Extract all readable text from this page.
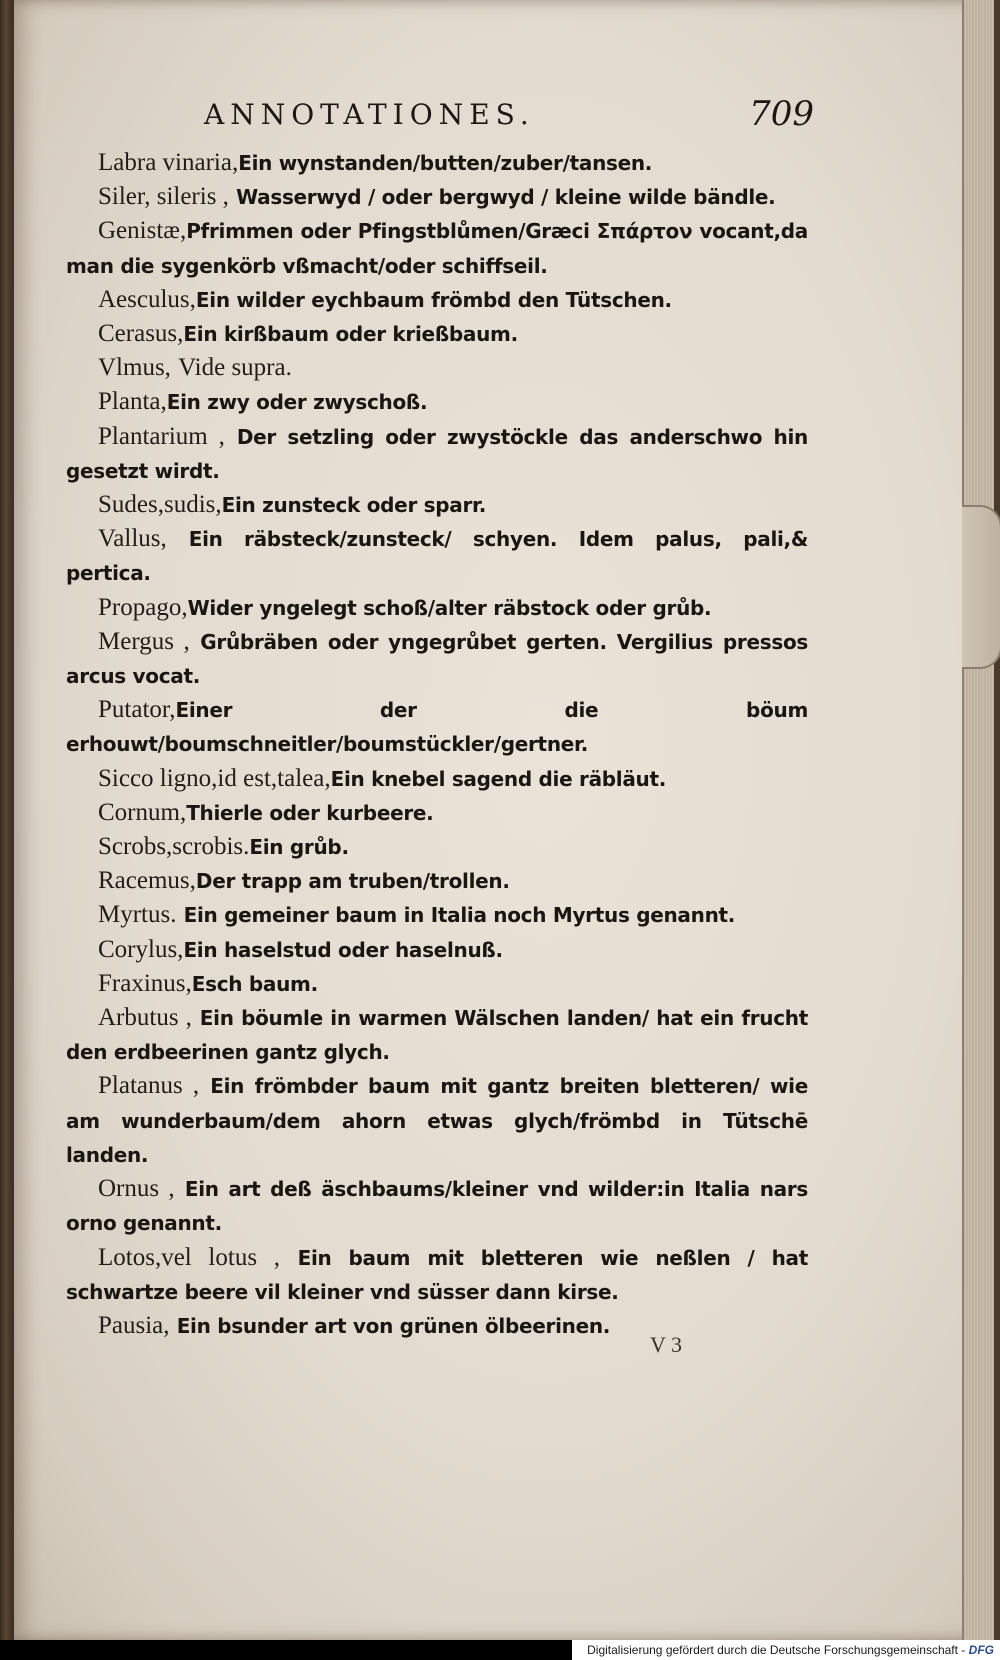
ANNOTATIONES.	709

Labra vinaria,Ein wynstanden/butten/zuber/tansen.

Siler, sileris , Wasserwyd / oder bergwyd / kleine wilde bändle.

Genistæ,Pfrimmen oder Pfingstblůmen/Græci Σπάρτον vocant,da man die sygenkörb vßmacht/oder schiffseil.

Aesculus,Ein wilder eychbaum frömbd den Tütschen.

Cerasus,Ein kirßbaum oder krießbaum.

Vlmus, Vide supra.

Planta,Ein zwy oder zwyschoß.

Plantarium , Der setzling oder zwystöckle das anderschwo hin gesetzt wirdt.

Sudes,sudis,Ein zunsteck oder sparr.

Vallus, Ein räbsteck/zunsteck/ schyen. Idem palus, pali,& pertica.

Propago,Wider yngelegt schoß/alter räbstock oder grůb.

Mergus , Grůbräben oder yngegrůbet gerten. Vergilius pressos arcus vocat.

Putator,Einer der die böum erhouwt/boumschneitler/boumstückler/gertner.

Sicco ligno,id est,talea,Ein knebel sagend die räbläut.

Cornum,Thierle oder kurbeere.

Scrobs,scrobis.Ein grůb.

Racemus,Der trapp am truben/trollen.

Myrtus. Ein gemeiner baum in Italia noch Myrtus genannt.

Corylus,Ein haselstud oder haselnuß.

Fraxinus,Esch baum.

Arbutus , Ein böumle in warmen Wälschen landen/ hat ein frucht den erdbeerinen gantz glych.

Platanus , Ein frömbder baum mit gantz breiten bletteren/ wie am wunderbaum/dem ahorn etwas glych/frömbd in Tütschē landen.

Ornus , Ein art deß äschbaums/kleiner vnd wilder:in Italia nars orno genannt.

Lotos,vel lotus , Ein baum mit bletteren wie neßlen / hat schwartze beere vil kleiner vnd süsser dann kirse.

Pausia, Ein bsunder art von grünen ölbeerinen.

V 3
Digitalisierung gefördert durch die Deutsche Forschungsgemeinschaft - DFG
